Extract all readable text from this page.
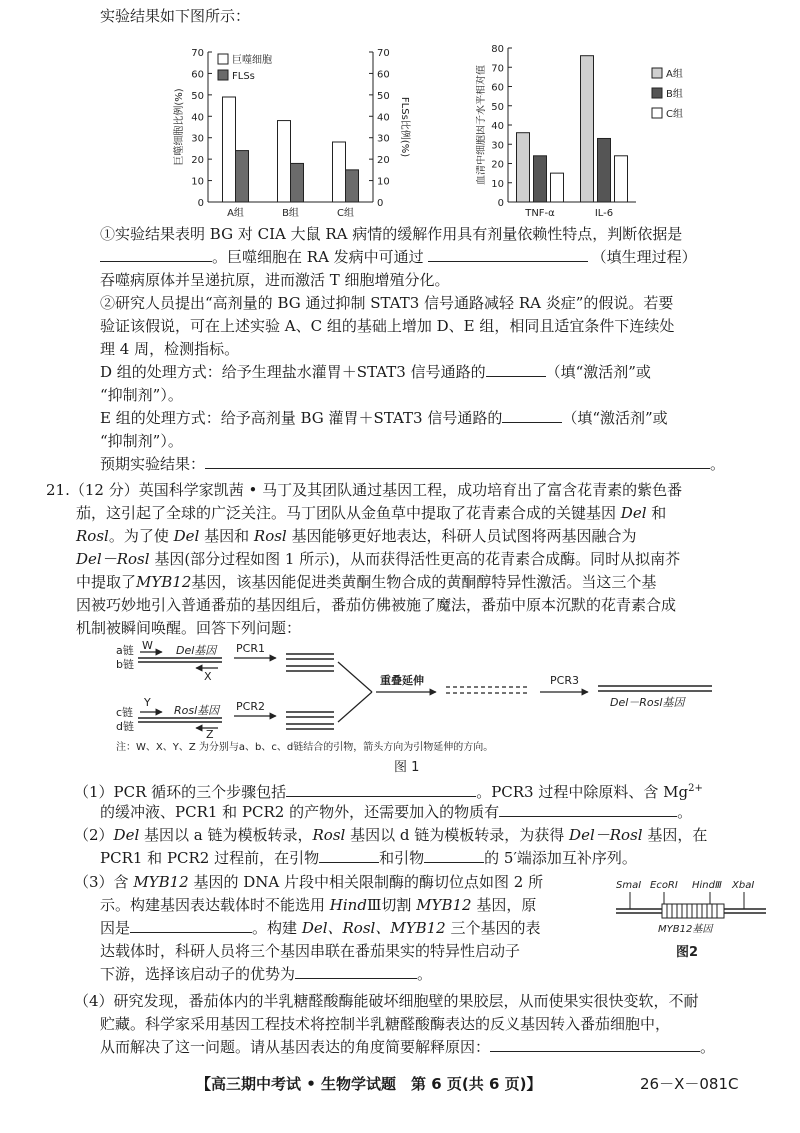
实验结果如下图所示：
0	0
10	10
20	20
30	30
40	40
50	50
60	60
70	70
巨噬细胞比例(%)	FLSs比例(%)
A组	B组	C组
巨噬细胞
FLSs
0
10
20
30
40
50
60
70
80
血清中细胞因子水平相对值
TNF-α	IL-6
A组
B组
C组
①实验结果表明 BG 对 CIA 大鼠 RA 病情的缓解作用具有剂量依赖性特点，判断依据是
。巨噬细胞在 RA 发病中可通过	（填生理过程）
吞噬病原体并呈递抗原，进而激活 T 细胞增殖分化。
②研究人员提出“高剂量的 BG 通过抑制 STAT3 信号通路减轻 RA 炎症”的假说。若要
验证该假说，可在上述实验 A、C 组的基础上增加 D、E 组，相同且适宜条件下连续处
理 4 周，检测指标。
D 组的处理方式：给予生理盐水灌胃＋STAT3 信号通路的	（填“激活剂”或
“抑制剂”）。
E 组的处理方式：给予高剂量 BG 灌胃＋STAT3 信号通路的	（填“激活剂”或
“抑制剂”）。
预期实验结果：	。
21.（12 分）英国科学家凯茜 • 马丁及其团队通过基因工程，成功培育出了富含花青素的紫色番
茄，这引起了全球的广泛关注。马丁团队从金鱼草中提取了花青素合成的关键基因 Del 和
Rosl。为了使 Del 基因和 Rosl 基因能够更好地表达，科研人员试图将两基因融合为
Del－Rosl 基因(部分过程如图 1 所示)，从而获得活性更高的花青素合成酶。同时从拟南芥
中提取了MYB12基因，该基因能促进类黄酮生物合成的黄酮醇特异性激活。当这三个基
因被巧妙地引入普通番茄的基因组后，番茄仿佛被施了魔法，番茄中原本沉默的花青素合成
机制被瞬间唤醒。回答下列问题：
a链
b链
W Del基因
X
PCR1
c链
d链
Y
Rosl基因
Z
PCR2
重叠延伸	PCR3
Del－Rosl基因
注：W、X、Y、Z 为分别与a、b、c、d链结合的引物，箭头方向为引物延伸的方向。
图 1
（1）PCR 循环的三个步骤包括	。PCR3 过程中除原料、含 $Mg^{2+}$
的缓冲液、PCR1 和 PCR2 的产物外，还需要加入的物质有	。
（2）Del 基因以 a 链为模板转录，Rosl 基因以 d 链为模板转录，为获得 Del－Rosl 基因，在
PCR1 和 PCR2 过程前，在引物	和引物	的 5′端添加互补序列。
（3）含 MYB12 基因的 DNA 片段中相关限制酶的酶切位点如图 2 所
示。构建基因表达载体时不能选用 HindⅢ切割 MYB12 基因，原
因是	。构建 Del、Rosl、MYB12 三个基因的表
达载体时，科研人员将三个基因串联在番茄果实的特异性启动子
下游，选择该启动子的优势为	。
SmaⅠ EcoRⅠ HindⅢ XbaⅠ
MYB12基因
图2
（4）研究发现，番茄体内的半乳糖醛酸酶能破坏细胞壁的果胶层，从而使果实很快变软，不耐
贮藏。科学家采用基因工程技术将控制半乳糖醛酸酶表达的反义基因转入番茄细胞中，
从而解决了这一问题。请从基因表达的角度简要解释原因：	。
【高三期中考试 • 生物学试题　第 6 页(共 6 页)】	26－X－081C
